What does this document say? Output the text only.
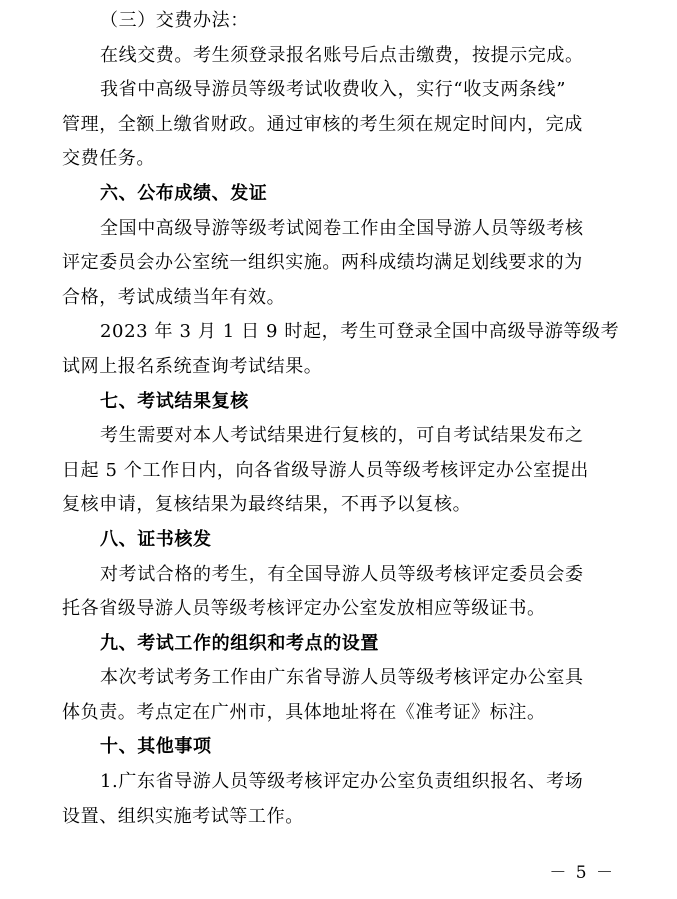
（三）交费办法：
在线交费。考生须登录报名账号后点击缴费，按提示完成。
我省中高级导游员等级考试收费收入，实行“收支两条线”
管理，全额上缴省财政。通过审核的考生须在规定时间内，完成
交费任务。
六、公布成绩、发证
全国中高级导游等级考试阅卷工作由全国导游人员等级考核
评定委员会办公室统一组织实施。两科成绩均满足划线要求的为
合格，考试成绩当年有效。
2023 年 3 月 1 日 9 时起，考生可登录全国中高级导游等级考
试网上报名系统查询考试结果。
七、考试结果复核
考生需要对本人考试结果进行复核的，可自考试结果发布之
日起 5 个工作日内，向各省级导游人员等级考核评定办公室提出
复核申请，复核结果为最终结果，不再予以复核。
八、证书核发
对考试合格的考生，有全国导游人员等级考核评定委员会委
托各省级导游人员等级考核评定办公室发放相应等级证书。
九、考试工作的组织和考点的设置
本次考试考务工作由广东省导游人员等级考核评定办公室具
体负责。考点定在广州市，具体地址将在《准考证》标注。
十、其他事项
1.广东省导游人员等级考核评定办公室负责组织报名、考场
设置、组织实施考试等工作。
－ 5 －
